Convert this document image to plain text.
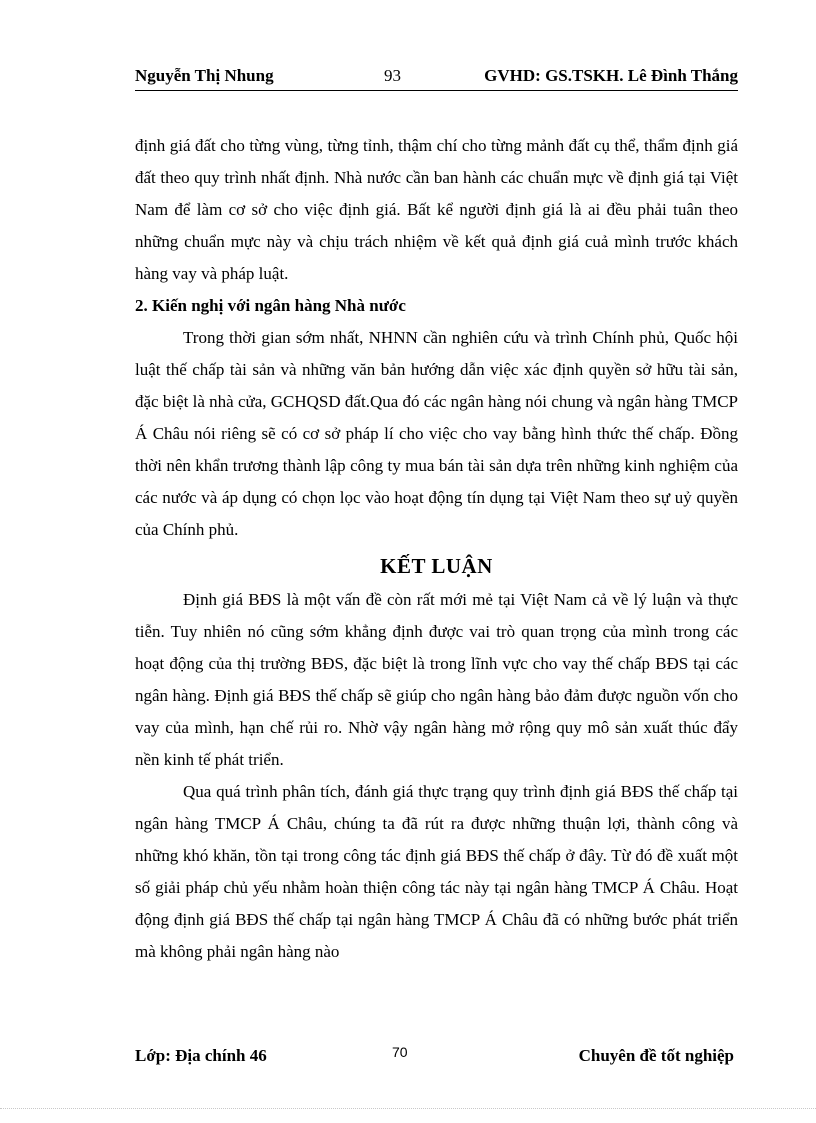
Nguyễn Thị Nhung	93	GVHD: GS.TSKH. Lê Đình Thắng

định giá đất cho từng vùng, từng tỉnh, thậm chí cho từng mảnh đất cụ thể, thẩm định giá đất theo quy trình nhất định. Nhà nước cần ban hành các chuẩn mực về định giá tại Việt Nam để làm cơ sở cho việc định giá. Bất kể người định giá là ai đều phải tuân theo những chuẩn mực này và chịu trách nhiệm về kết quả định giá cuả mình trước khách hàng vay và pháp luật.

2. Kiến nghị với ngân hàng Nhà nước

Trong thời gian sớm nhất, NHNN cần nghiên cứu và trình Chính phủ, Quốc hội luật thế chấp tài sản và những văn bản hướng dẫn việc xác định quyền sở hữu tài sản, đặc biệt là nhà cửa, GCHQSD đất.Qua đó các ngân hàng nói chung và ngân hàng TMCP Á Châu nói riêng sẽ có cơ sở pháp lí cho việc cho vay bằng hình thức thế chấp. Đồng thời nên khẩn trương thành lập công ty mua bán tài sản dựa trên những kinh nghiệm của các nước và áp dụng có chọn lọc vào hoạt động tín dụng tại Việt Nam theo sự uỷ quyền của Chính phủ.

KẾT LUẬN

Định giá BĐS là một vấn đề còn rất mới mẻ tại Việt Nam cả về lý luận và thực tiễn. Tuy nhiên nó cũng sớm khẳng định được vai trò quan trọng của mình trong các hoạt động của thị trường BĐS, đặc biệt là trong lĩnh vực cho vay thế chấp BĐS tại các ngân hàng. Định giá BĐS thế chấp sẽ giúp cho ngân hàng bảo đảm được nguồn vốn cho vay của mình, hạn chế rủi ro. Nhờ vậy ngân hàng mở rộng quy mô sản xuất thúc đẩy nền kinh tế phát triển.

Qua quá trình phân tích, đánh giá thực trạng quy trình định giá BĐS thế chấp tại ngân hàng TMCP Á Châu, chúng ta đã rút ra được những thuận lợi, thành công và những khó khăn, tồn tại trong công tác định giá BĐS thế chấp ở đây. Từ đó đề xuất một số giải pháp chủ yếu nhằm hoàn thiện công tác này tại ngân hàng TMCP Á Châu. Hoạt động định giá BĐS thế chấp tại ngân hàng TMCP Á Châu đã có những bước phát triển mà không phải ngân hàng nào

Lớp: Địa chính 46	70	Chuyên đề tốt nghiệp
